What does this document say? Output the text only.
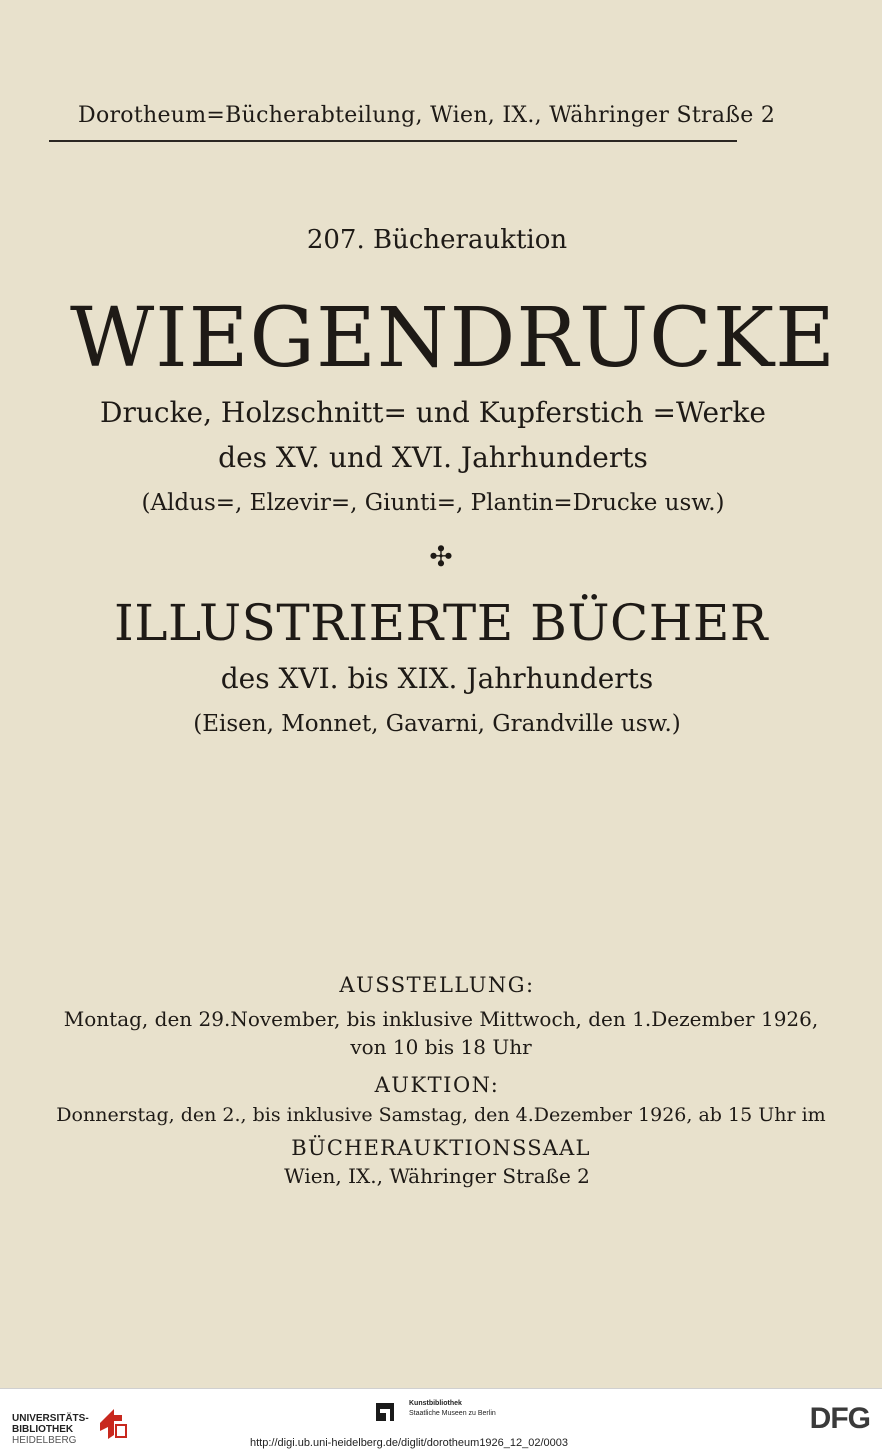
Dorotheum=Bücherabteilung, Wien, IX., Währinger Straße 2
207. Bücherauktion
WIEGENDRUCKE
Drucke, Holzschnitt= und Kupferstich =Werke
des XV. und XVI. Jahrhunderts
(Aldus=, Elzevir=, Giunti=, Plantin=Drucke usw.)
✣
ILLUSTRIERTE BÜCHER
des XVI. bis XIX. Jahrhunderts
(Eisen, Monnet, Gavarni, Grandville usw.)
AUSSTELLUNG:
Montag, den 29.November, bis inklusive Mittwoch, den 1.Dezember 1926,
von 10 bis 18 Uhr
AUKTION:
Donnerstag, den 2., bis inklusive Samstag, den 4.Dezember 1926, ab 15 Uhr im
BÜCHERAUKTIONSSAAL
Wien, IX., Währinger Straße 2
UNIVERSITÄTS-
BIBLIOTHEK
HEIDELBERG
Kunstbibliothek
Staatliche Museen zu Berlin	DFG
http://digi.ub.uni-heidelberg.de/diglit/dorotheum1926_12_02/0003
